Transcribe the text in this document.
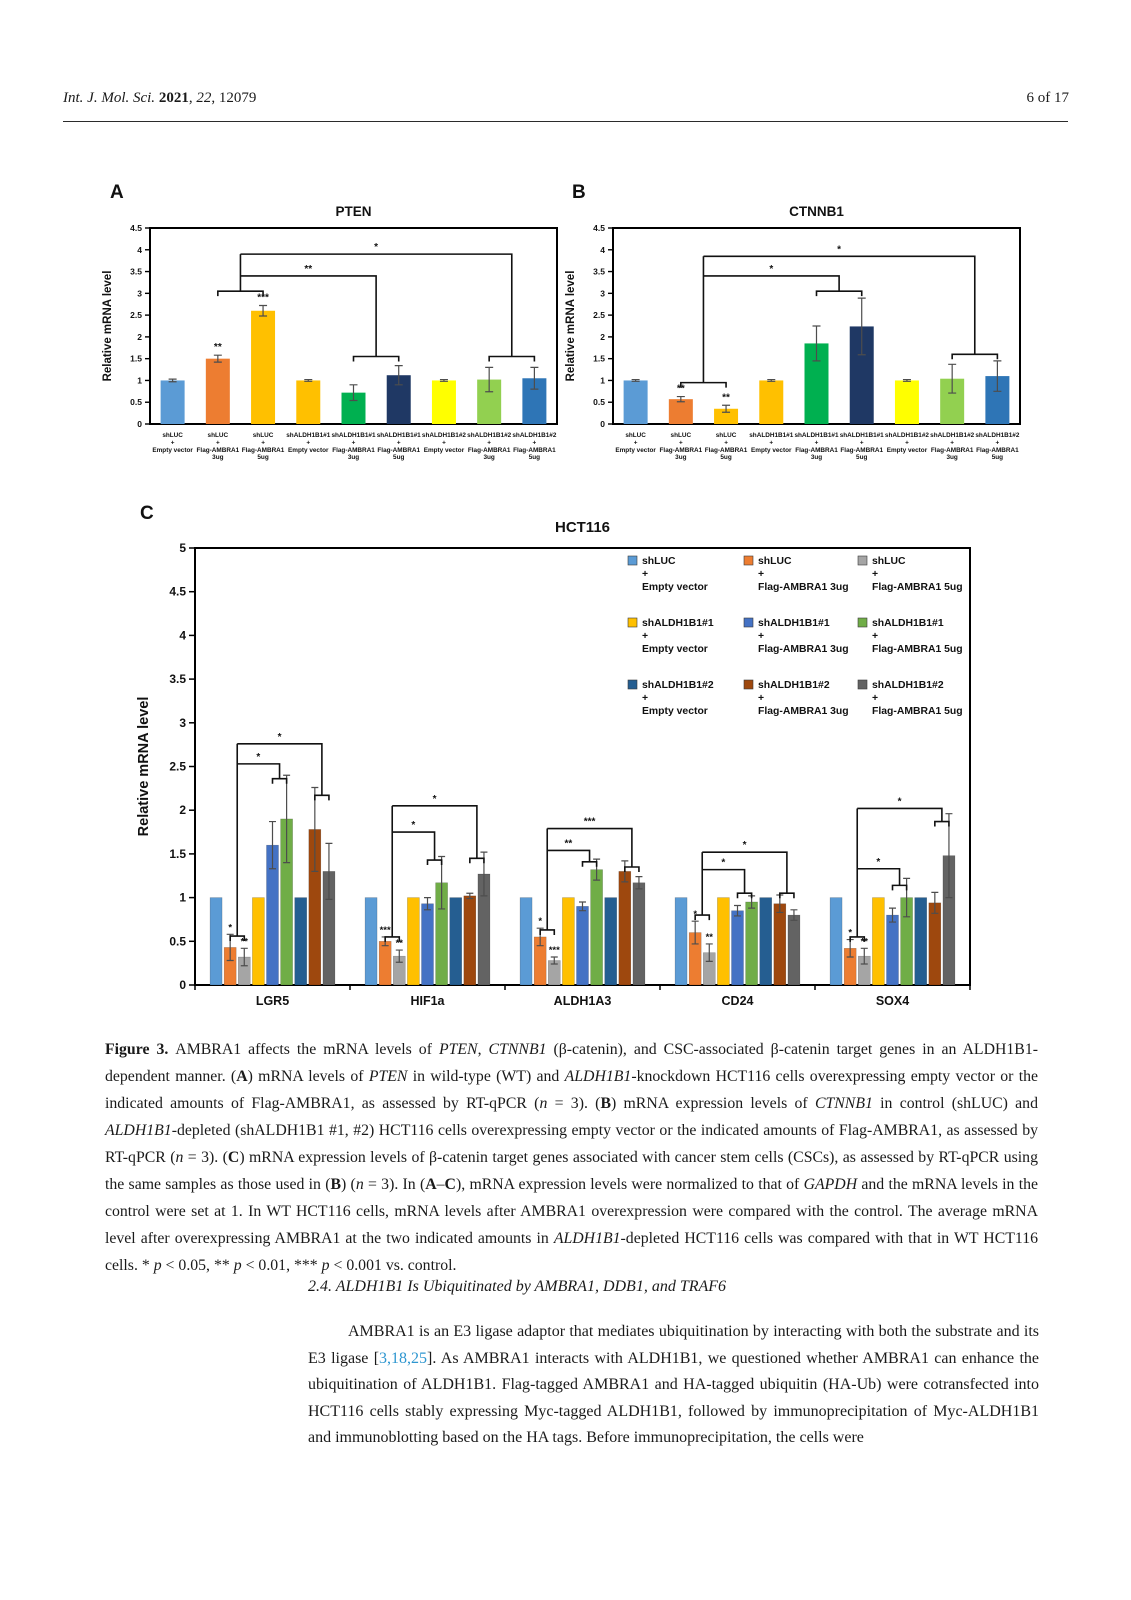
Int. J. Mol. Sci. 2021, 22, 12079	6 of 17
A	B
C
PTEN
Relative mRNA level
0
0.5
1
1.5
2
2.5
3
3.5
4
4.5
shLUC
+
Empty vector
**
shLUC
+
Flag-AMBRA1
3ug
***
shLUC
+
Flag-AMBRA1
5ug
shALDH1B1#1
+
Empty vector
shALDH1B1#1
+
Flag-AMBRA1
3ug
shALDH1B1#1
+
Flag-AMBRA1
5ug
shALDH1B1#2
+
Empty vector
shALDH1B1#2
+
Flag-AMBRA1
3ug
shALDH1B1#2
+
Flag-AMBRA1
5ug
**
*
CTNNB1
Relative mRNA level
0
0.5
1
1.5
2
2.5
3
3.5
4
4.5
shLUC
+
Empty vector
**
shLUC
+
Flag-AMBRA1
3ug
**
shLUC
+
Flag-AMBRA1
5ug
shALDH1B1#1
+
Empty vector
shALDH1B1#1
+
Flag-AMBRA1
3ug
shALDH1B1#1
+
Flag-AMBRA1
5ug
shALDH1B1#2
+
Empty vector
shALDH1B1#2
+
Flag-AMBRA1
3ug
shALDH1B1#2
+
Flag-AMBRA1
5ug
*
*
HCT116
Relative mRNA level
0
0.5
1
1.5
2
2.5
3
3.5
4
4.5
5
LGR5	HIF1a	ALDH1A3	CD24	SOX4
*	***
*
*
*
**	**
***
**	**
*
*
*
*
**
***
*
*
*
*
shLUC
+
Empty vector
shLUC
+
Flag-AMBRA1 3ug
shLUC
+
Flag-AMBRA1 5ug
shALDH1B1#1
+
Empty vector
shALDH1B1#1
+
Flag-AMBRA1 3ug
shALDH1B1#1
+
Flag-AMBRA1 5ug
shALDH1B1#2
+
Empty vector
shALDH1B1#2
+
Flag-AMBRA1 3ug
shALDH1B1#2
+
Flag-AMBRA1 5ug

Figure 3. AMBRA1 affects the mRNA levels of PTEN, CTNNB1 (β-catenin), and CSC-associated β-catenin target genes in an ALDH1B1-dependent manner. (A) mRNA levels of PTEN in wild-type (WT) and ALDH1B1-knockdown HCT116 cells overexpressing empty vector or the indicated amounts of Flag-AMBRA1, as assessed by RT-qPCR (n = 3). (B) mRNA expression levels of CTNNB1 in control (shLUC) and ALDH1B1-depleted (shALDH1B1 #1, #2) HCT116 cells overexpressing empty vector or the indicated amounts of Flag-AMBRA1, as assessed by RT-qPCR (n = 3). (C) mRNA expression levels of β-catenin target genes associated with cancer stem cells (CSCs), as assessed by RT-qPCR using the same samples as those used in (B) (n = 3). In (A–C), mRNA expression levels were normalized to that of GAPDH and the mRNA levels in the control were set at 1. In WT HCT116 cells, mRNA levels after AMBRA1 overexpression were compared with the control. The average mRNA level after overexpressing AMBRA1 at the two indicated amounts in ALDH1B1-depleted HCT116 cells was compared with that in WT HCT116 cells. * p < 0.05, ** p < 0.01, *** p < 0.001 vs. control.

2.4. ALDH1B1 Is Ubiquitinated by AMBRA1, DDB1, and TRAF6

AMBRA1 is an E3 ligase adaptor that mediates ubiquitination by interacting with both the substrate and its E3 ligase [3,18,25]. As AMBRA1 interacts with ALDH1B1, we questioned whether AMBRA1 can enhance the ubiquitination of ALDH1B1. Flag-tagged AMBRA1 and HA-tagged ubiquitin (HA-Ub) were cotransfected into HCT116 cells stably expressing Myc-tagged ALDH1B1, followed by immunoprecipitation of Myc-ALDH1B1 and immunoblotting based on the HA tags. Before immunoprecipitation, the cells were
